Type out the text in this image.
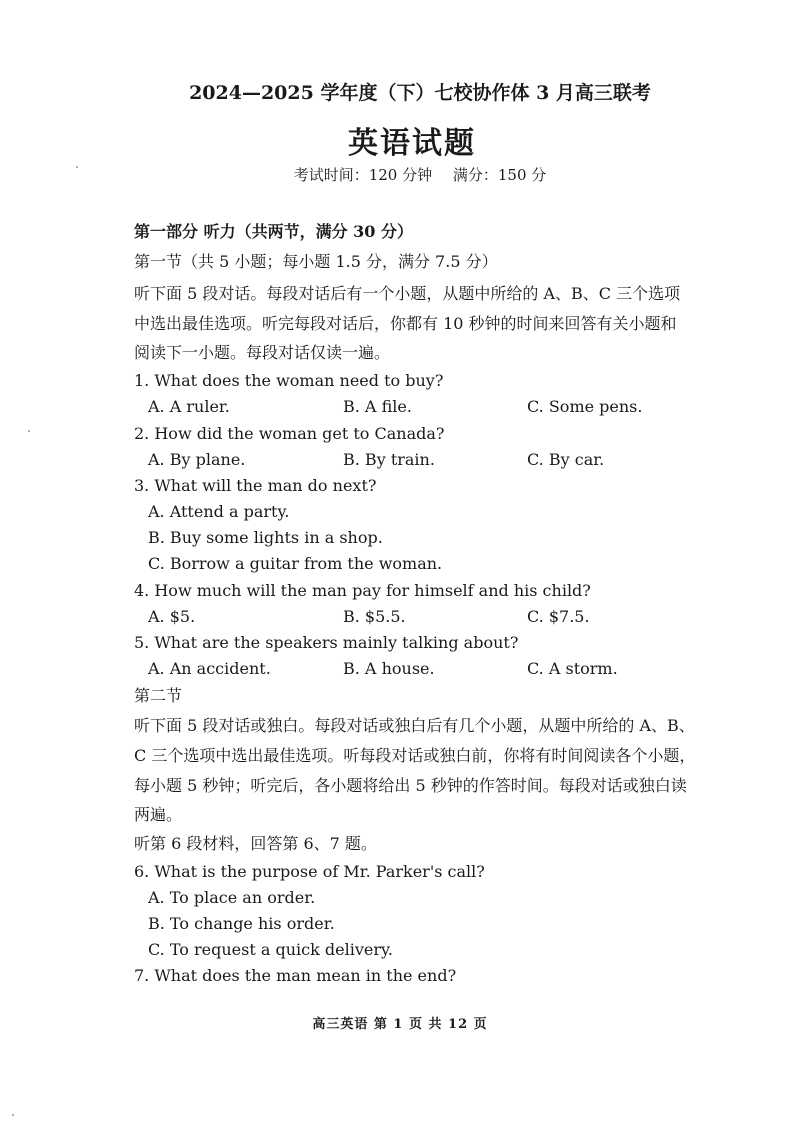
2024—2025 学年度（下）七校协作体 3 月高三联考
英语试题
考试时间：120 分钟 满分：150 分
第一部分 听力（共两节，满分 30 分）
第一节（共 5 小题；每小题 1.5 分，满分 7.5 分）
听下面 5 段对话。每段对话后有一个小题，从题中所给的 A、B、C 三个选项
中选出最佳选项。听完每段对话后，你都有 10 秒钟的时间来回答有关小题和
阅读下一小题。每段对话仅读一遍。
1. What does the woman need to buy?
A. A ruler.	B. A file.	C. Some pens.
2. How did the woman get to Canada?
A. By plane.	B. By train.	C. By car.
3. What will the man do next?
A. Attend a party.
B. Buy some lights in a shop.
C. Borrow a guitar from the woman.
4. How much will the man pay for himself and his child?
A. $5.	B. $5.5.	C. $7.5.
5. What are the speakers mainly talking about?
A. An accident.	B. A house.	C. A storm.
第二节
听下面 5 段对话或独白。每段对话或独白后有几个小题，从题中所给的 A、B、
C 三个选项中选出最佳选项。听每段对话或独白前，你将有时间阅读各个小题，
每小题 5 秒钟；听完后，各小题将给出 5 秒钟的作答时间。每段对话或独白读
两遍。
听第 6 段材料，回答第 6、7 题。
6. What is the purpose of Mr. Parker's call?
A. To place an order.
B. To change his order.
C. To request a quick delivery.
7. What does the man mean in the end?
高三英语 第 1 页 共 12 页
